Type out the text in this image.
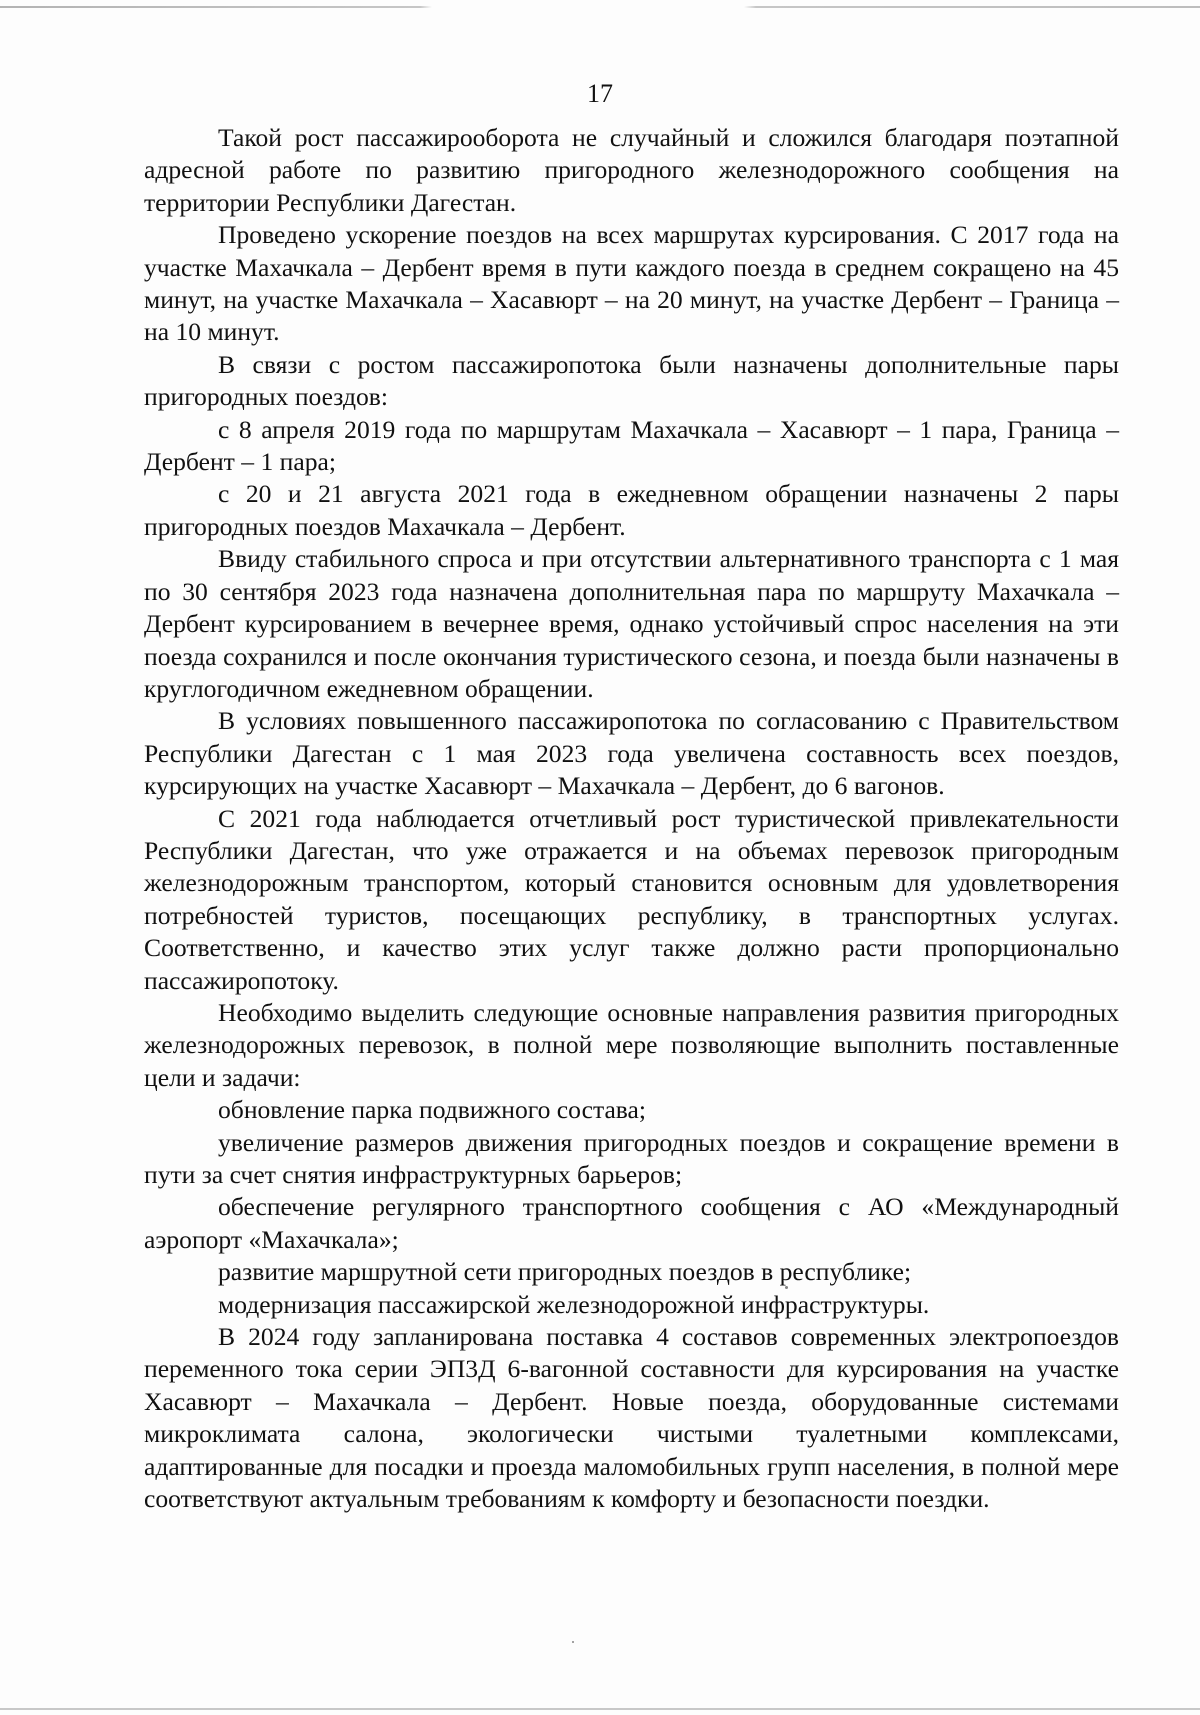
17

Такой рост пассажирооборота не случайный и сложился благодаря поэтапной адресной работе по развитию пригородного железнодорожного сообщения на территории Республики Дагестан.

Проведено ускорение поездов на всех маршрутах курсирования. С 2017 года на участке Махачкала – Дербент время в пути каждого поезда в среднем сокращено на 45 минут, на участке Махачкала – Хасавюрт – на 20 минут, на участке Дербент – Граница – на 10 минут.

В связи с ростом пассажиропотока были назначены дополнительные пары пригородных поездов:

с 8 апреля 2019 года по маршрутам Махачкала – Хасавюрт – 1 пара, Граница – Дербент – 1 пара;

с 20 и 21 августа 2021 года в ежедневном обращении назначены 2 пары пригородных поездов Махачкала – Дербент.

Ввиду стабильного спроса и при отсутствии альтернативного транспорта с 1 мая по 30 сентября 2023 года назначена дополнительная пара по маршруту Махачкала – Дербент курсированием в вечернее время, однако устойчивый спрос населения на эти поезда сохранился и после окончания туристического сезона, и поезда были назначены в круглогодичном ежедневном обращении.

В условиях повышенного пассажиропотока по согласованию с Правительством Республики Дагестан с 1 мая 2023 года увеличена составность всех поездов, курсирующих на участке Хасавюрт – Махачкала – Дербент, до 6 вагонов.

С 2021 года наблюдается отчетливый рост туристической привлекательности Республики Дагестан, что уже отражается и на объемах перевозок пригородным железнодорожным транспортом, который становится основным для удовлетворения потребностей туристов, посещающих республику, в транспортных услугах. Соответственно, и качество этих услуг также должно расти пропорционально пассажиропотоку.

Необходимо выделить следующие основные направления развития пригородных железнодорожных перевозок, в полной мере позволяющие выполнить поставленные цели и задачи:

обновление парка подвижного состава;

увеличение размеров движения пригородных поездов и сокращение времени в пути за счет снятия инфраструктурных барьеров;

обеспечение регулярного транспортного сообщения с АО «Международный аэропорт «Махачкала»;

развитие маршрутной сети пригородных поездов в республике;

модернизация пассажирской железнодорожной инфраструктуры.

В 2024 году запланирована поставка 4 составов современных электропоездов переменного тока серии ЭП3Д 6-вагонной составности для курсирования на участке Хасавюрт – Махачкала – Дербент. Новые поезда, оборудованные системами микроклимата салона, экологически чистыми туалетными комплексами, адаптированные для посадки и проезда маломобильных групп населения, в полной мере соответствуют актуальным требованиям к комфорту и безопасности поездки.
